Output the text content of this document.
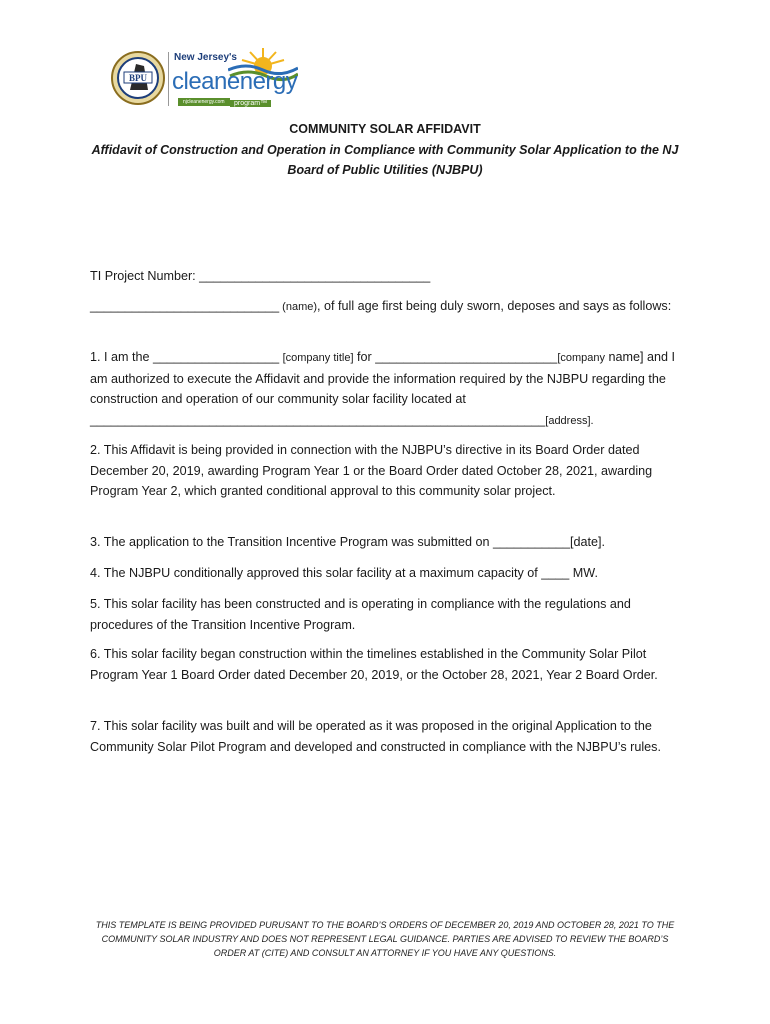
BPU
New Jersey's
cleanenergy
njcleanenergy.com	program™
COMMUNITY SOLAR AFFIDAVIT
Affidavit of Construction and Operation in Compliance with Community Solar Application to the NJ Board of Public Utilities (NJBPU)

TI Project Number: _________________________________

___________________________ (name), of full age first being duly sworn, deposes and says as follows:

1. I am the __________________ [company title] for __________________________[company name] and I am authorized to execute the Affidavit and provide the information required by the NJBPU regarding the construction and operation of our community solar facility located at _________________________________________________________________[address].

2. This Affidavit is being provided in connection with the NJBPU’s directive in its Board Order dated December 20, 2019, awarding Program Year 1 or the Board Order dated October 28, 2021, awarding Program Year 2, which granted conditional approval to this community solar project.

3. The application to the Transition Incentive Program was submitted on ___________[date].

4. The NJBPU conditionally approved this solar facility at a maximum capacity of ____ MW.

5. This solar facility has been constructed and is operating in compliance with the regulations and procedures of the Transition Incentive Program.

6. This solar facility began construction within the timelines established in the Community Solar Pilot Program Year 1 Board Order dated December 20, 2019, or the October 28, 2021, Year 2 Board Order.

7. This solar facility was built and will be operated as it was proposed in the original Application to the Community Solar Pilot Program and developed and constructed in compliance with the NJBPU’s rules.

THIS TEMPLATE IS BEING PROVIDED PURUSANT TO THE BOARD’S ORDERS OF DECEMBER 20, 2019 AND OCTOBER 28, 2021 TO THE COMMUNITY SOLAR INDUSTRY AND DOES NOT REPRESENT LEGAL GUIDANCE. PARTIES ARE ADVISED TO REVIEW THE BOARD’S ORDER AT (CITE) AND CONSULT AN ATTORNEY IF YOU HAVE ANY QUESTIONS.
